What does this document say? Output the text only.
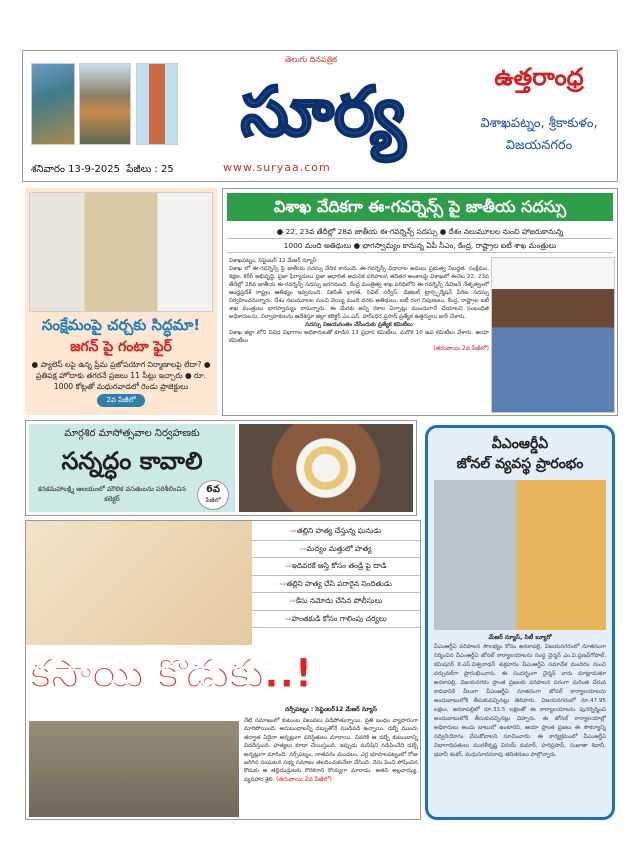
శనివారం 13-9-2025 పేజీలు : 25
సూర్య
తెలుగు దినపత్రిక
www.suryaa.com
ఉత్తరాంధ్ర
విశాఖపట్నం, శ్రీకాకుళం,
విజయనగరం
సంక్షేమంపై చర్చకు సిద్ధమా!
జగన్ పై గంటా ఫైర్
● ప్యాలెస్ లపై ఉన్న ప్రేమ ప్రజోపయోగ నిర్మాణాలపై లేదా? ● ప్రతిపక్ష హోదాకు తగరనే ప్రజలు 11 సీట్లు ఇచ్చారు ● రూ. 1000 కోట్లతో మధురవాడలో రెండు ప్రాజెక్టులు
2వ పేజీలో
విశాఖ వేదికగా ఈ-గవర్నెన్స్ పై జాతీయ సదస్సు
● 22, 23వ తేదీల్లో 28వ జాతీయ ఈ-గవర్నెన్స్ సదస్సు ● దేశం నలుమూలల నుంచి హాజరుకానున్న
1000 మంది అతిథులు ● భాగస్వామ్యం కానున్న ఏపీ సీఎం, కేంద్ర, రాష్ట్రాల ఐటీ శాఖ మంత్రులు
విశాఖపట్నం, సెప్టెంబర్ 12 మేజర్ న్యూస్
విశాఖ లో ఈ-గవర్నెన్స్ పై జాతీయ సదస్సు వేదిక కానుంది. ఈ-గవర్నెన్స్ విధానాల అమలు ప్రభుత్వ నిబద్ధత, సంక్షేమం, శిక్షణ, కెరీర్ అభివృద్ధి, ప్రజా ఫిర్యాదులు ప్రజా ఆధారిత అధునిక పరిపాలన తదితర అంశాలపై విశాఖలో ఈనెల 22, 23వ తేదీల్లో 28వ జాతీయ ఈ-గవర్నెన్స్ సదస్సు జరగనుంది. కేంద్ర మంత్రిత్వ శాఖ పరిధిలోని ఈ-గవర్నెన్స్ డివిజన్ నేతృత్వంలో ఆంధ్రప్రదేశ్ రాష్ట్రం ఆతిథ్యం ఇవ్వనుంది. వికసిత్ భారత్, సివిల్ సర్వీస్, డిజిటల్ ట్రాన్స్ఫర్మేషన్ పేరిట సదస్సు నిర్వహించనున్నారు. దేశం నలుమూలల నుంచి వెయ్యి మంది వరకు అతిథులు, ఐటీ రంగ నిపుణులు, కేంద్ర, రాష్ట్రాల ఐటీ శాఖ మంత్రులు భాగస్వామ్యం కానున్నారు. ఈ మేరకు అన్ని రకాల ఏర్పాట్లు ముందుగానే చేయాలని సంబంధిత అధికారులను, నిర్వాహకులను ఆదేశిస్తూ జిల్లా కలెక్టర్ ఎం.ఎన్. హరేంధిర ప్రసాద్ ప్రత్యేక ఉత్తర్వులు జారీ చేశారు.
సదస్సు విజయవంతం చేసేందుకు ప్రత్యేక కమిటీలు
విశాఖ జిల్లా లోని వివిధ విభాగాల అధికారులతో కూడిన 13 ప్రధాన కమిటీలు, మరొక 10 ఉప కమిటీలు వేశారు. ఆయా కమిటీలు
(తరువాయి 2వ పేజీలో)
మార్గశిర మాసోత్సవాల నిర్వహణకు
సన్నద్ధం కావాలి
కనకమహాలక్ష్మి ఆలయంలో మౌలిక వసతులను పరిశీలించిన కలెక్టర్
6వ
పేజీలో
వీఎంఆర్డీఏ
జోనల్ వ్యవస్థ ప్రారంభం
మేజర్ న్యూస్, సిటీ బ్యూరో
వీఎంఆర్డీఏ పరిపాలన సౌలభ్యం కోసం అనకాపల్లి, విజయనగరంలో నూతనంగా నిర్మించిన వీఎంఆర్డీఏ జోనల్ కార్యాలయాలను సంస్థ చైర్మన్ ఎం.వి.ప్రణవ్‌గోపాల్, కమిషనర్ కె.ఎస్.విశ్వనాథన్ శుక్రవారం వీఎంఆర్డీఏ సమావేశ మందిరం నుంచి వర్చువల్‌గా ప్రారంభించారు. ఈ సందర్భంగా చైర్మన్ వారు మాట్లాడుతూ అనకాపల్లి, విజయనగరం ప్రాంత ప్రజలకు పరిపాలన పరంగా మరింత చేరువ కావడానికి వీలుగా వీఎంఆర్డీఏ నూతనంగా జోనల్ కార్యాలయాలను అందుబాటులోకి తీసుకువచ్చినట్లు తెలిపారు. విజయనగరంలో రూ.47.95 లక్షలు, అనకాపల్లిలో రూ.33.5 లక్షలతో ఈ కార్యాలయాలను పునర్నిర్మించి అందుబాటులోకి తీసుకువచ్చినట్లు చెప్పారు. ఈ జోనల్ కార్యాలయాల్లో అధికారులు అందు బాటులో ఉంటారని, ఆయా ప్రాంత ప్రజలు ఈ సౌకర్యాన్ని సద్వినియోగం చేసుకోవాలని సూచించారు. ఈ కార్యక్రమంలో వీఎంఆర్డీఏ విభాగాధిపతులు మురళీకృష్ణ వినయ్ కుమార్, హరిప్రసాద్, సుజాతా శివానీ, భవానీ శంకర్, మధుసూదనరావు తదితరులు పాల్గొన్నారు.
⇨తల్లిని హత్య చేస్తున్న ఘనుడు
⇨మద్యం మత్తులో హత్య
⇨ఇదివరకే ఆస్తి కోసం తండ్రి పై దాడి
⇨తల్లిని హత్య చేసి పరారైన నిందితుడు
⇨కేసు నమోదు చేసిన పోలీసులు
⇨హంతకుడి కోసం గాలింపు చర్యలు
కసాయి కొడుకు..!
నర్సీపట్నం : సెప్టెంబర్12 మేజర్ న్యూస్
నేటి సమాజంలో కుటుంబ విలువలు పడిపోతున్నాయి. ప్రతి బంధం వ్యాపారంగా మారిపోయింది. అనుబంధాలన్నీ డబ్బుతోనే ముడిపడి ఉన్నాయి. డబ్బే ముందు తర్వాత ఏదైనా అన్నట్లుగా పరిస్థితులు మారాయి. చివరికి ఆ డబ్బే కుటుంబాన్ని విడదీస్తుంది. హత్యలు కూడా చేయిస్తుంది. ఇప్పుడు మనిషిని నడిపించేది డబ్బే అన్నట్లుగా మారింది. నర్సీపట్నం, నాతవరం మండలం, ఎర్ర భూపాలపట్నంలో రోజు జరిగిన సంఘటన సభ్య సమాజం తలదించుకునేలా చేసింది. నెను పెంచి పోషించిన కొడుకు ఆ తల్లిదండ్రులకు కొరకరాని కొయ్యగా మారాడు. అతని అల్లవాఝ్య, వ్యవహార శైలి. (తరువాయి 2వ పేజీలో)
